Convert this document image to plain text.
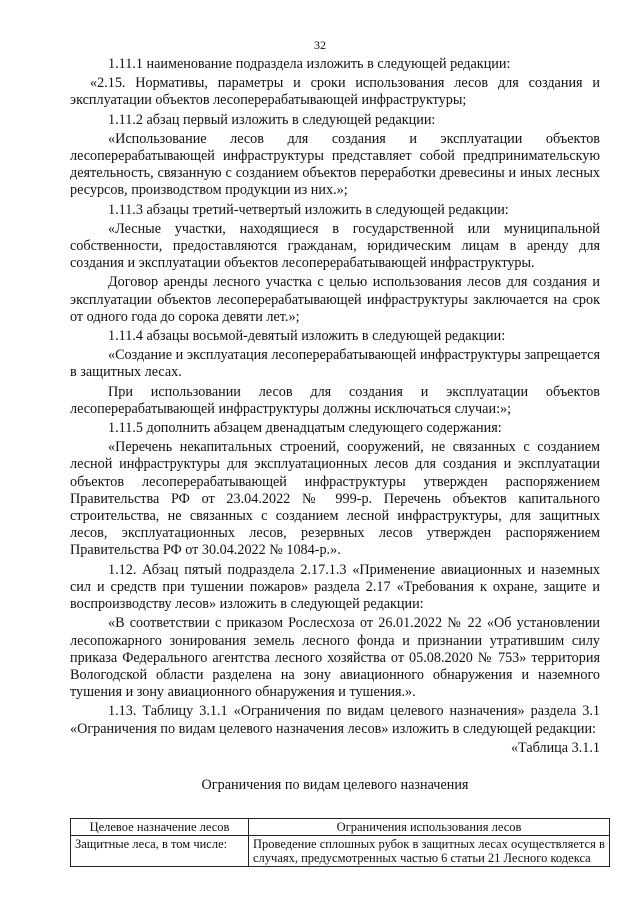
32

1.11.1 наименование подраздела изложить в следующей редакции:

«2.15. Нормативы, параметры и сроки использования лесов для создания и эксплуатации объектов лесоперерабатывающей инфраструктуры;

1.11.2 абзац первый изложить в следующей редакции:

«Использование лесов для создания и эксплуатации объектов лесоперерабатывающей инфраструктуры представляет собой предпринимательскую деятельность, связанную с созданием объектов переработки древесины и иных лесных ресурсов, производством продукции из них.»;

1.11.3 абзацы третий-четвертый изложить в следующей редакции:

«Лесные участки, находящиеся в государственной или муниципальной собственности, предоставляются гражданам, юридическим лицам в аренду для создания и эксплуатации объектов лесоперерабатывающей инфраструктуры.

Договор аренды лесного участка с целью использования лесов для создания и эксплуатации объектов лесоперерабатывающей инфраструктуры заключается на срок от одного года до сорока девяти лет.»;

1.11.4 абзацы восьмой-девятый изложить в следующей редакции:

«Создание и эксплуатация лесоперерабатывающей инфраструктуры запрещается в защитных лесах.

При использовании лесов для создания и эксплуатации объектов лесоперерабатывающей инфраструктуры должны исключаться случаи:»;

1.11.5 дополнить абзацем двенадцатым следующего содержания:

«Перечень некапитальных строений, сооружений, не связанных с созданием лесной инфраструктуры для эксплуатационных лесов для создания и эксплуатации объектов лесоперерабатывающей инфраструктуры утвержден распоряжением Правительства РФ от 23.04.2022 № 999-р. Перечень объектов капитального строительства, не связанных с созданием лесной инфраструктуры, для защитных лесов, эксплуатационных лесов, резервных лесов утвержден распоряжением Правительства РФ от 30.04.2022 № 1084-р.».

1.12. Абзац пятый подраздела 2.17.1.3 «Применение авиационных и наземных сил и средств при тушении пожаров» раздела 2.17 «Требования к охране, защите и воспроизводству лесов» изложить в следующей редакции:

«В соответствии с приказом Рослесхоза от 26.01.2022 № 22 «Об установлении лесопожарного зонирования земель лесного фонда и признании утратившим силу приказа Федерального агентства лесного хозяйства от 05.08.2020 № 753» территория Вологодской области разделена на зону авиационного обнаружения и наземного тушения и зону авиационного обнаружения и тушения.».

1.13. Таблицу 3.1.1 «Ограничения по видам целевого назначения» раздела 3.1 «Ограничения по видам целевого назначения лесов» изложить в следующей редакции:

«Таблица 3.1.1

Ограничения по видам целевого назначения

Целевое назначение лесов	Ограничения использования лесов
Защитные леса, в том числе:	Проведение сплошных рубок в защитных лесах осуществляется в случаях, предусмотренных частью 6 статьи 21 Лесного кодекса
